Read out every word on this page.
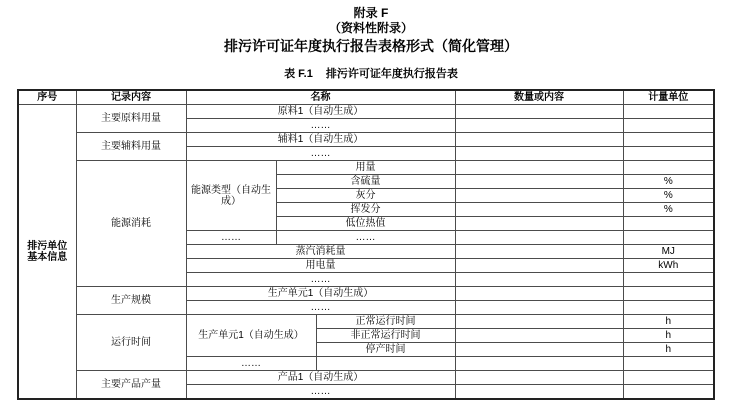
附录 F
（资料性附录）
排污许可证年度执行报告表格形式（简化管理）
表 F.1 排污许可证年度执行报告表
序号	记录内容	名称			数量或内容	计量单位

排污单位基本信息	主要原料用量	原料1（自动生成）				
		……				
	主要辅料用量	辅料1（自动生成）				
		……				
	能源消耗	能源类型（自动生成）	用量			
			含硫量			%
			灰分			%
			挥发分			%
			低位热值			
		……	……			
		蒸汽消耗量				MJ
		用电量				kWh
		……				
	生产规模	生产单元1（自动生成）				
		……				
	运行时间	生产单元1（自动生成）		正常运行时间		h
				非正常运行时间		h
				停产时间		h
		……				
	主要产品产量	产品1（自动生成）				
		……				
